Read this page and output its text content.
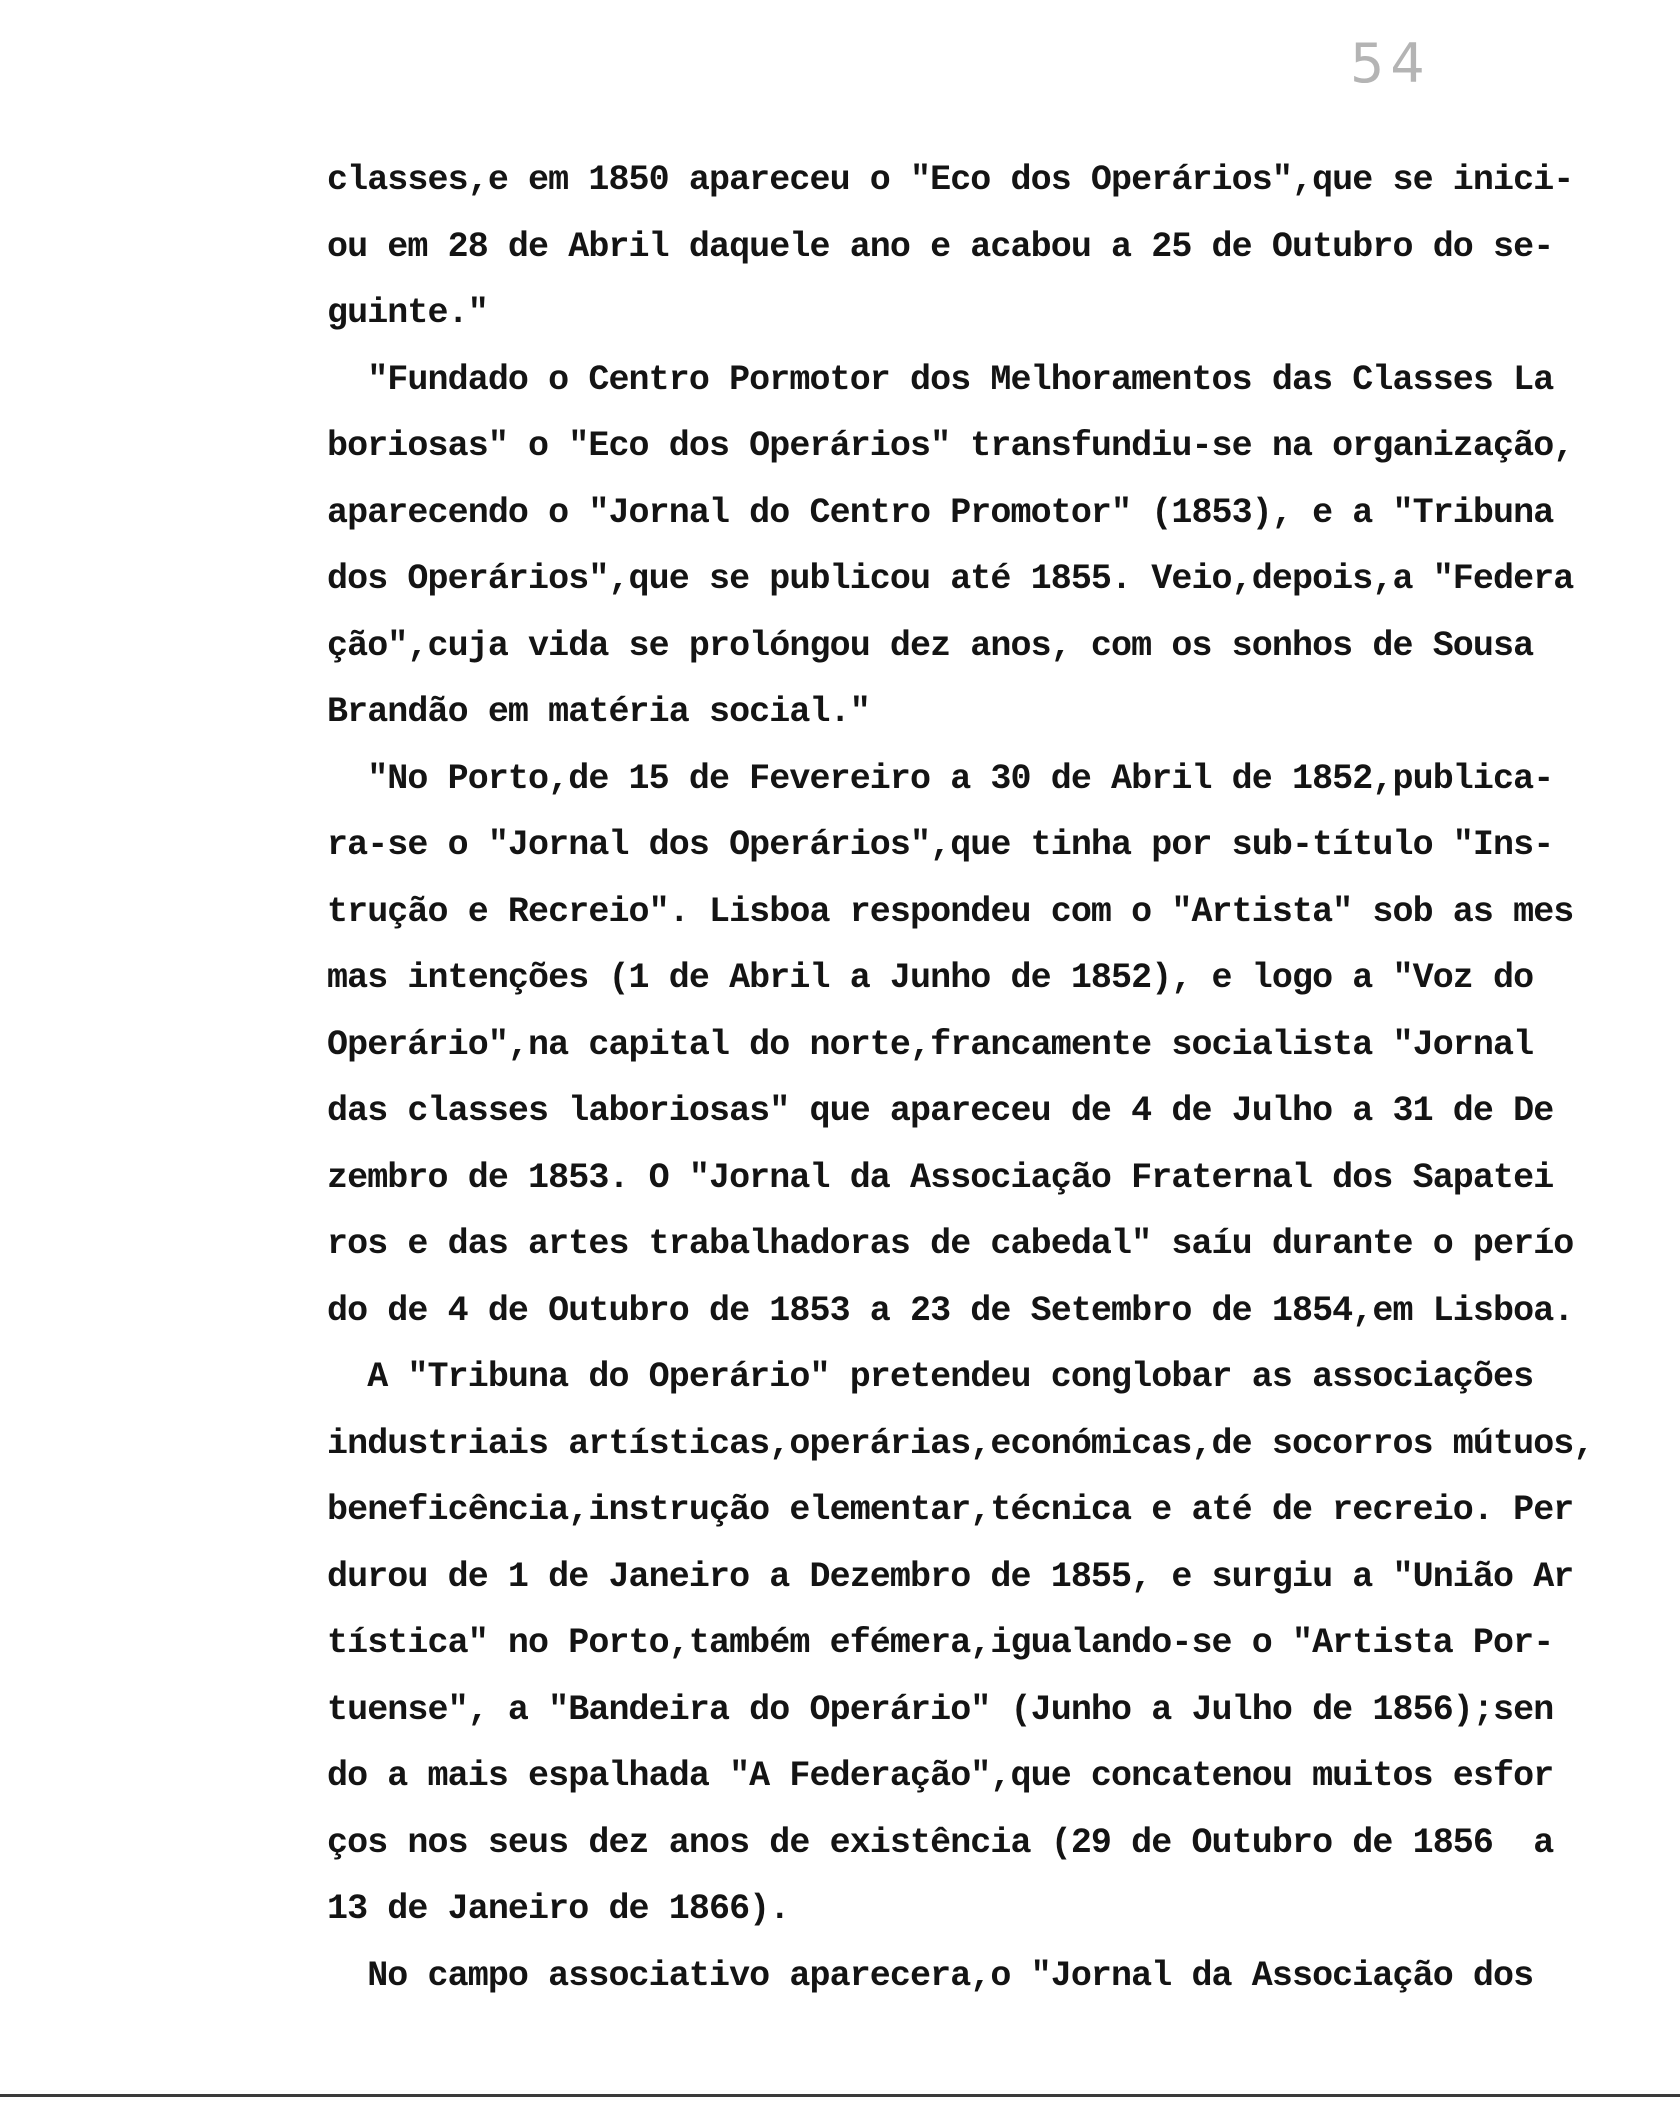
54
classes,e em 1850 apareceu o "Eco dos Operários",que se inici-
ou em 28 de Abril daquele ano e acabou a 25 de Outubro do se-
guinte."
"Fundado o Centro Pormotor dos Melhoramentos das Classes La
boriosas" o "Eco dos Operários" transfundiu-se na organização,
aparecendo o "Jornal do Centro Promotor" (1853), e a "Tribuna
dos Operários",que se publicou até 1855. Veio,depois,a "Federa
ção",cuja vida se prolóngou dez anos, com os sonhos de Sousa
Brandão em matéria social."
"No Porto,de 15 de Fevereiro a 30 de Abril de 1852,publica-
ra-se o "Jornal dos Operários",que tinha por sub-título "Ins-
trução e Recreio". Lisboa respondeu com o "Artista" sob as mes
mas intenções (1 de Abril a Junho de 1852), e logo a "Voz do
Operário",na capital do norte,francamente socialista "Jornal
das classes laboriosas" que apareceu de 4 de Julho a 31 de De
zembro de 1853. O "Jornal da Associação Fraternal dos Sapatei
ros e das artes trabalhadoras de cabedal" saíu durante o perío
do de 4 de Outubro de 1853 a 23 de Setembro de 1854,em Lisboa.
A "Tribuna do Operário" pretendeu conglobar as associações
industriais artísticas,operárias,económicas,de socorros mútuos,
beneficência,instrução elementar,técnica e até de recreio. Per
durou de 1 de Janeiro a Dezembro de 1855, e surgiu a "União Ar
tística" no Porto,também efémera,igualando-se o "Artista Por-
tuense", a "Bandeira do Operário" (Junho a Julho de 1856);sen
do a mais espalhada "A Federação",que concatenou muitos esfor
ços nos seus dez anos de existência (29 de Outubro de 1856  a
13 de Janeiro de 1866).
No campo associativo aparecera,o "Jornal da Associação dos
